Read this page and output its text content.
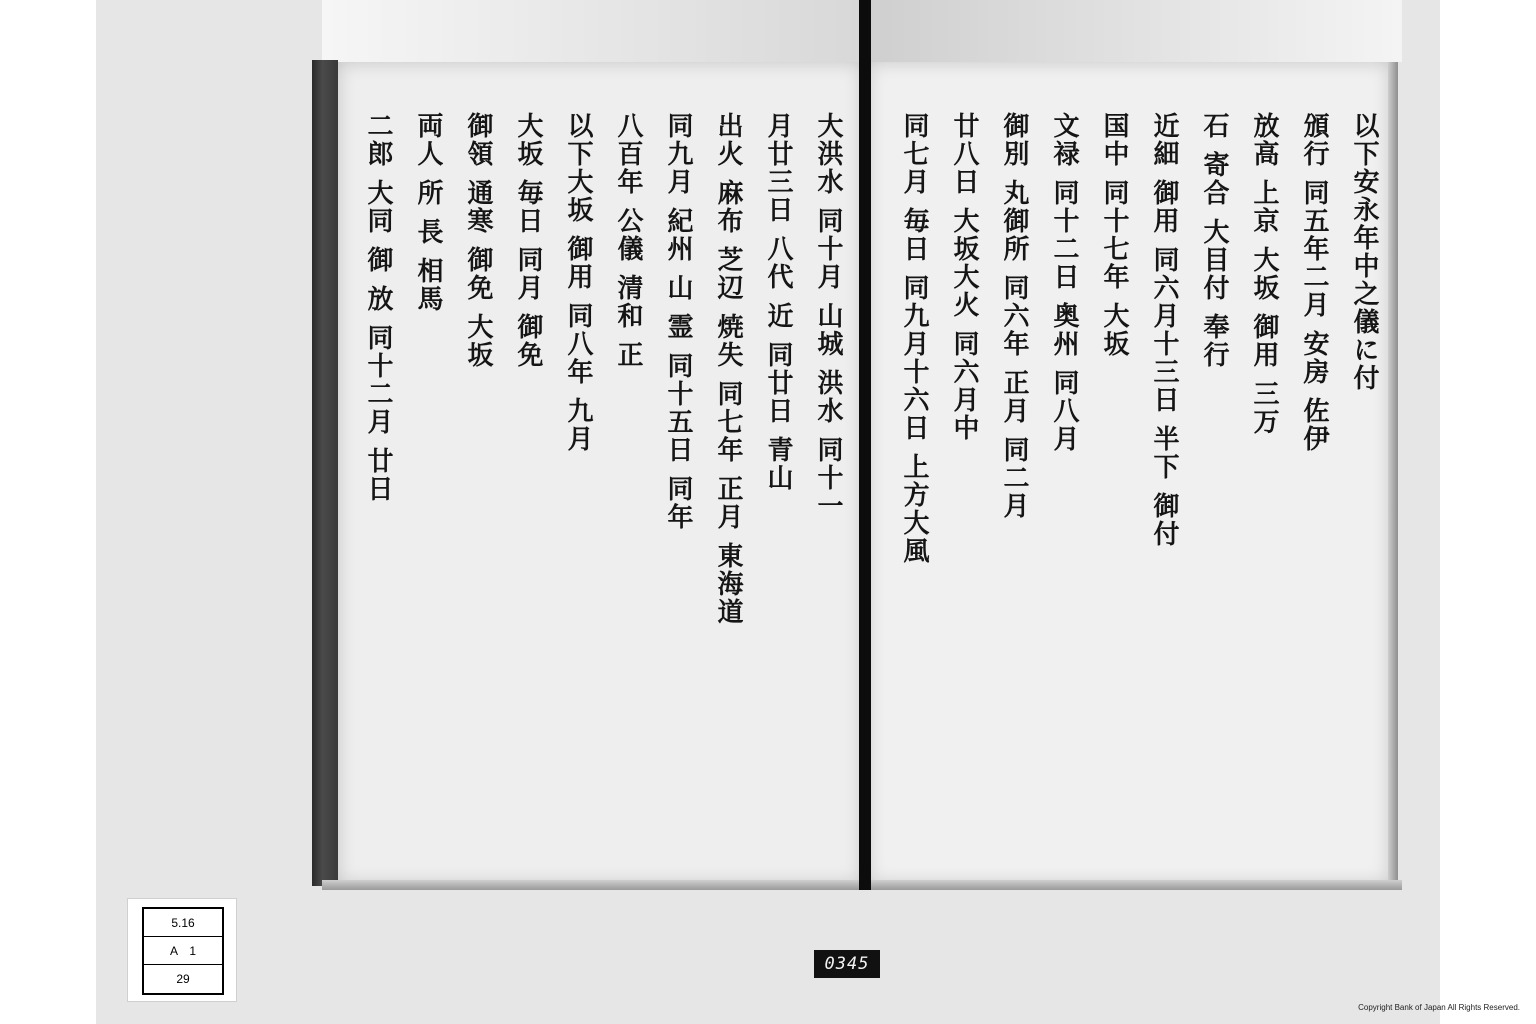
以下安永年中之儀に付
頒行 同五年二月 安房 佐伊
放高 上京 大坂 御用 三万
石 寄合 大目付 奉行
近細 御用 同六月十三日 半下 御付
国中 同十七年 大坂
文禄 同十二日 奥州 同八月
御別 丸御所 同六年 正月 同二月
廿八日 大坂大火 同六月中
同七月 毎日 同九月十六日 上方大風
大洪水 同十月 山城 洪水 同十一
月廿三日 八代 近 同廿日 青山
出火 麻布 芝辺 焼失 同七年 正月 東海道
同九月 紀州 山 霊 同十五日 同年
八百年 公儀 清和 正
以下大坂 御用 同八年 九月
大坂 毎日 同月 御免
御領 通寒 御免 大坂
両人 所 長 相馬
二郎 大同 御 放 同十二月 廿日
5.16
A　1
29
0345
Copyright Bank of Japan All Rights Reserved.
